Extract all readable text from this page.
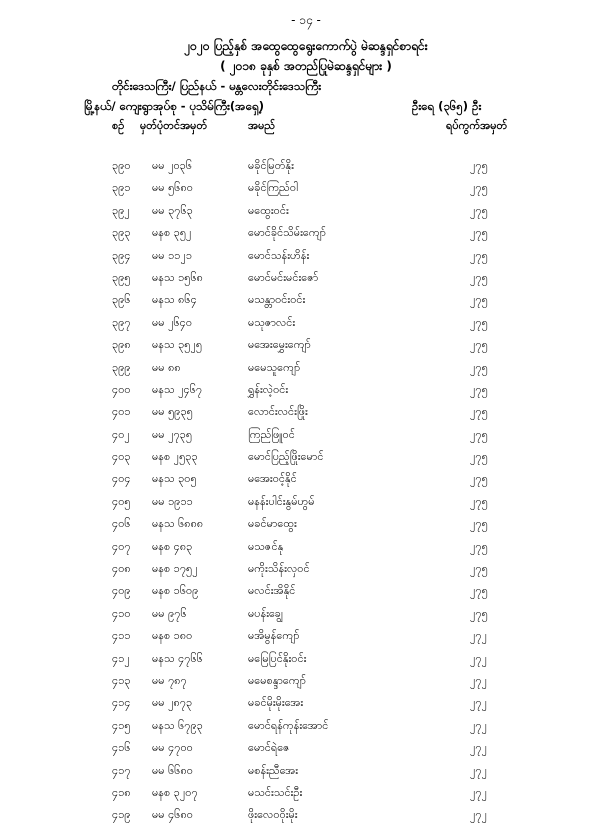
- ၁၄ -
၂၀၂၀ ပြည့်နှစ် အထွေထွေရွေးကောက်ပွဲ မဲဆန္ဒရှင်စာရင်း
( ၂၀၁၈ ခုနှစ် အတည်ပြုမဲဆန္ဒရှင်များ )
တိုင်းဒေသကြီး/ ပြည်နယ် - မန္တလေးတိုင်းဒေသကြီး
မြို့နယ်/ ကျေးရွာအုပ်စု - ပုသိမ်ကြီး(အရှေ့)	ဦးရေ (၃၆၅) ဦး
စဉ် မှတ်ပုံတင်အမှတ်	အမည်	ရပ်ကွက်အမှတ်
၃၉၀ မမ ၂၀၃၆	မခိုင်မြတ်နိုး	၂၇၅
၃၉၁ မမ ၅၆၈၀	မခိုင်ကြည်ဝါ	၂၇၅
၃၉၂ မမ ၃၇၆၃	မထွေးဝင်း	၂၇၅
၃၉၃ မနစ ၃၅၂	မောင်ခိုင်သိမ်းကျော်	၂၇၅
၃၉၄ မမ ၁၁၂၁	မောင်သန်းဟိန်း	၂၇၅
၃၉၅ မနသ ၁၅၆၈	မောင်မင်းမင်းဇော်	၂၇၅
၃၉၆ မနသ ၈၆၄	မသန္တာဝင်းဝင်း	၂၇၅
၃၉၇ မမ ၂၆၄၀	မသုဇာလင်း	၂၇၅
၃၉၈ မနသ ၃၅၂၅	မအေးမွှေးကျော်	၂၇၅
၃၉၉ မမ ၈၈	မမေသူကျော်	၂၇၅
၄၀၀ မနသ ၂၄၆၇	ရွှန်းလဲ့ဝင်း	၂၇၅
၄၀၁ မမ ၅၉၃၅	လောင်းလင်းဖြိုး	၂၇၅
၄၀၂ မမ ၂၇၃၅	ကြည်ဖြူဝင်	၂၇၅
၄၀၃ မနစ ၂၅၃၃	မောင်ပြည့်ဖြိုးမောင်	၂၇၅
၄၀၄ မနသ ၃၀၅	မအေးဝင့်နိုင်	၂၇၅
၄၀၅ မမ ၁၉၁၁	မနန်းပါင်းနွမ်ဟွမ်	၂၇၅
၄၀၆ မနသ ၆၈၈၈	မခင်မာထွေး	၂၇၅
၄၀၇ မနစ ၄၈၃	မသဇင်နု	၂၇၅
၄၀၈ မနစ ၁၇၅၂	မကိုးသိန်းလှဝင်	၂၇၅
၄၀၉ မနစ ၁၆၀၉	မလင်းအိနိုင်	၂၇၅
၄၁၀ မမ ၉၇၆	မပန်းချွေ	၂၇၅
၄၁၁ မနစ ၁၈၀	မအိမွန်ကျော်	၂၇၂
၄၁၂ မနသ ၄၇၆၆	မမြေပြင်နိုးဝင်း	၂၇၂
၄၁၃ မမ ၇၈၇	မမေစန္ဒာကျော်	၂၇၂
၄၁၄ မမ ၂၈၇၃	မခင်မိုးမိုးအေး	၂၇၂
၄၁၅ မနသ ၆၇၉၃	မောင်ရန်ကုန်းအောင်	၂၇၂
၄၁၆ မမ ၄၇၀၀	မောင်ရဲဇေ	၂၇၂
၄၁၇ မမ ၆၆၈၀	မစန်းညီအေး	၂၇၂
၄၁၈ မနစ ၃၂၀၇	မသင်းသင်းဦး	၂၇၂
၄၁၉ မမ ၄၆၈၀	ဖိုးလေဝဝိုးမိုး	၂၇၂
